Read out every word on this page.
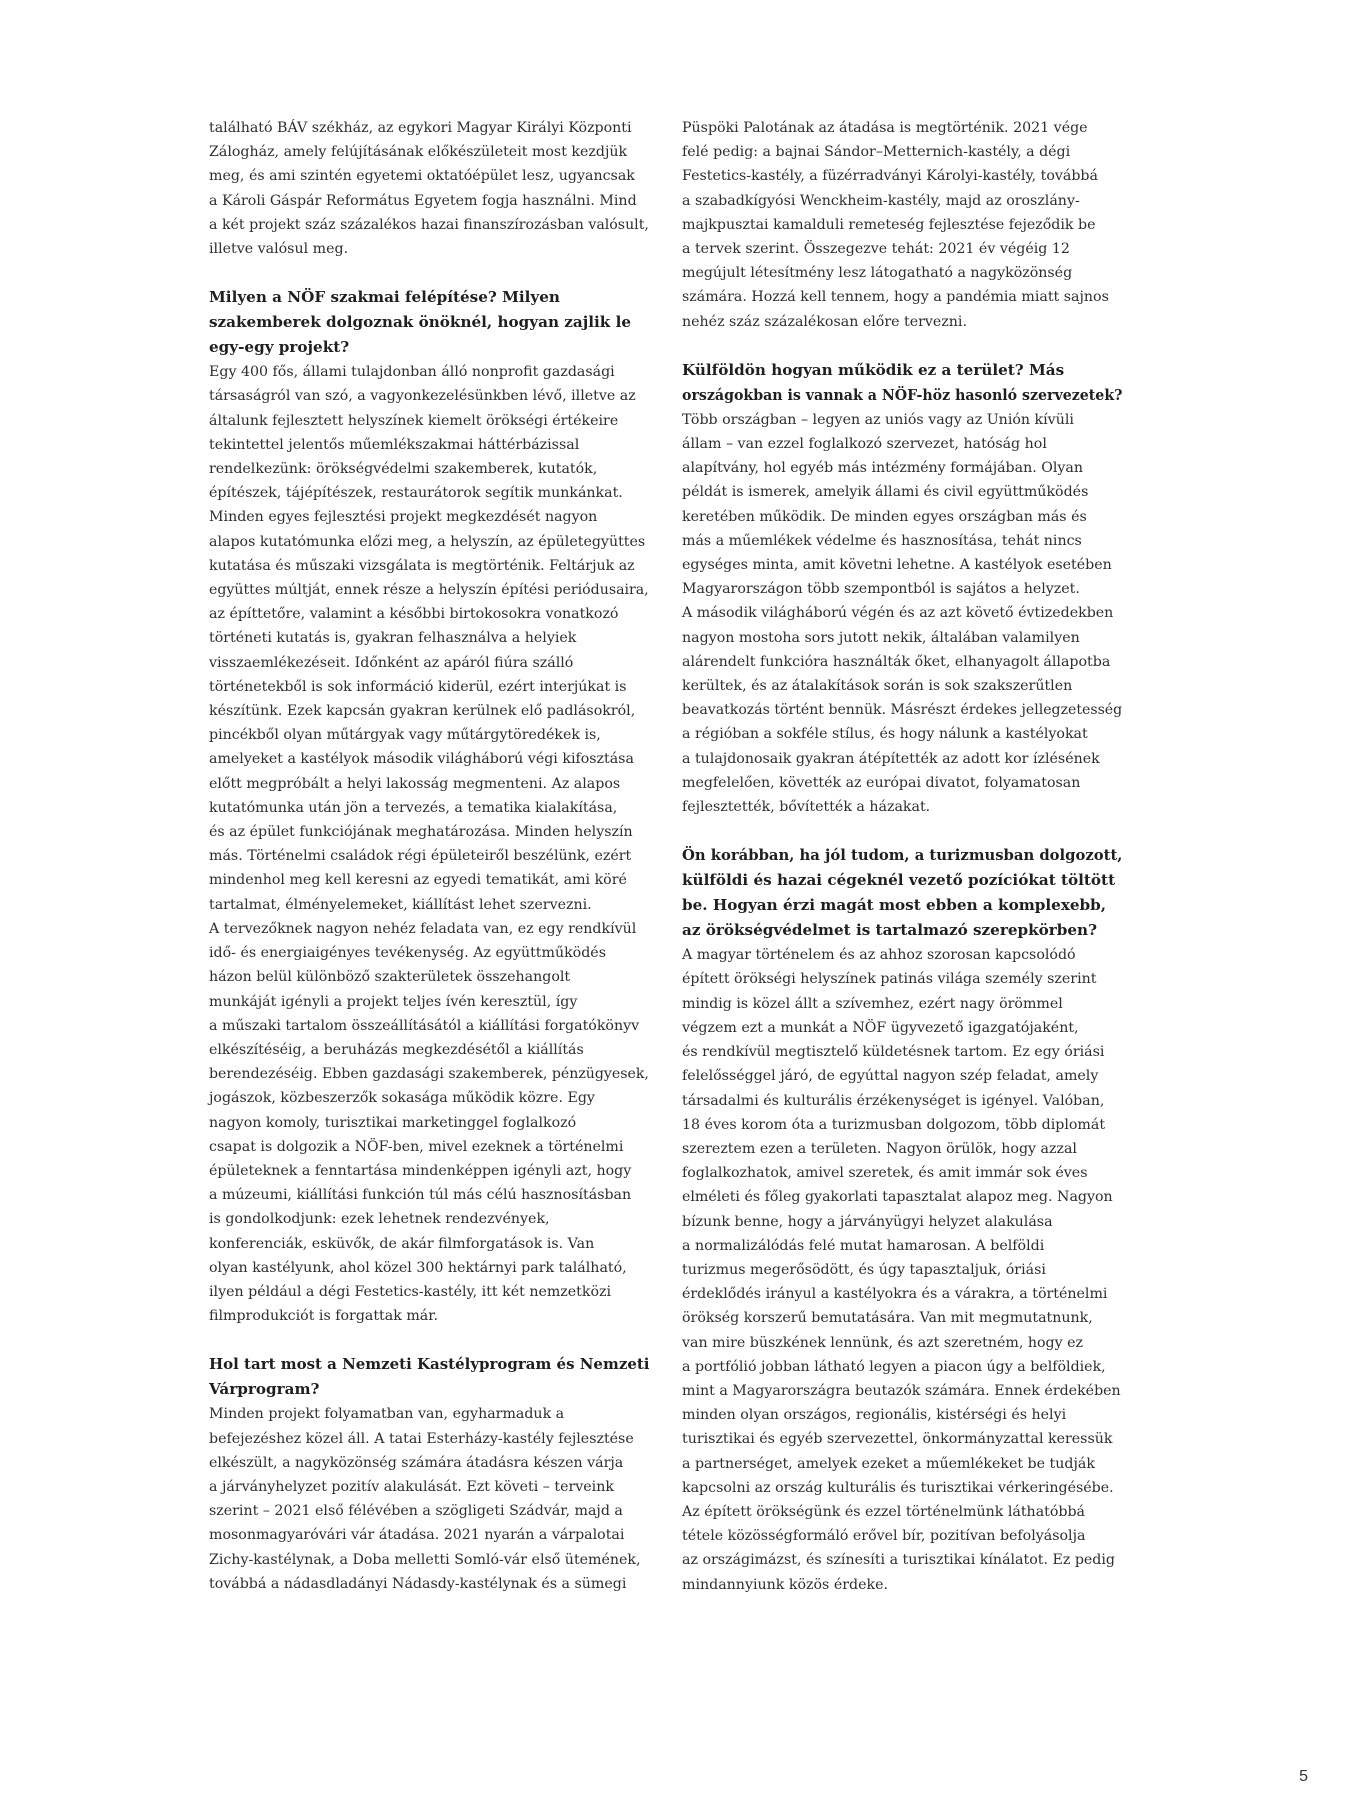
található BÁV székház, az egykori Magyar Királyi Központi
Zálogház, amely felújításának előkészületeit most kezdjük
meg, és ami szintén egyetemi oktatóépület lesz, ugyancsak
a Károli Gáspár Református Egyetem fogja használni. Mind
a két projekt száz százalékos hazai finanszírozásban valósult,
illetve valósul meg.
Milyen a NÖF szakmai felépítése? Milyen
szakemberek dolgoznak önöknél, hogyan zajlik le
egy-egy projekt?
Egy 400 fős, állami tulajdonban álló nonprofit gazdasági
társaságról van szó, a vagyonkezelésünkben lévő, illetve az
általunk fejlesztett helyszínek kiemelt örökségi értékeire
tekintettel jelentős műemlékszakmai háttérbázissal
rendelkezünk: örökségvédelmi szakemberek, kutatók,
építészek, tájépítészek, restaurátorok segítik munkánkat.
Minden egyes fejlesztési projekt megkezdését nagyon
alapos kutatómunka előzi meg, a helyszín, az épületegyüttes
kutatása és műszaki vizsgálata is megtörténik. Feltárjuk az
együttes múltját, ennek része a helyszín építési periódusaira,
az építtetőre, valamint a későbbi birtokosokra vonatkozó
történeti kutatás is, gyakran felhasználva a helyiek
visszaemlékezéseit. Időnként az apáról fiúra szálló
történetekből is sok információ kiderül, ezért interjúkat is
készítünk. Ezek kapcsán gyakran kerülnek elő padlásokról,
pincékből olyan műtárgyak vagy műtárgytöredékek is,
amelyeket a kastélyok második világháború végi kifosztása
előtt megpróbált a helyi lakosság megmenteni. Az alapos
kutatómunka után jön a tervezés, a tematika kialakítása,
és az épület funkciójának meghatározása. Minden helyszín
más. Történelmi családok régi épületeiről beszélünk, ezért
mindenhol meg kell keresni az egyedi tematikát, ami köré
tartalmat, élményelemeket, kiállítást lehet szervezni.
A tervezőknek nagyon nehéz feladata van, ez egy rendkívül
idő- és energiaigényes tevékenység. Az együttműködés
házon belül különböző szakterületek összehangolt
munkáját igényli a projekt teljes ívén keresztül, így
a műszaki tartalom összeállításától a kiállítási forgatókönyv
elkészítéséig, a beruházás megkezdésétől a kiállítás
berendezéséig. Ebben gazdasági szakemberek, pénzügyesek,
jogászok, közbeszerzők sokasága működik közre. Egy
nagyon komoly, turisztikai marketinggel foglalkozó
csapat is dolgozik a NÖF-ben, mivel ezeknek a történelmi
épületeknek a fenntartása mindenképpen igényli azt, hogy
a múzeumi, kiállítási funkción túl más célú hasznosításban
is gondolkodjunk: ezek lehetnek rendezvények,
konferenciák, esküvők, de akár filmforgatások is. Van
olyan kastélyunk, ahol közel 300 hektárnyi park található,
ilyen például a dégi Festetics-kastély, itt két nemzetközi
filmprodukciót is forgattak már.
Hol tart most a Nemzeti Kastélyprogram és Nemzeti
Várprogram?
Minden projekt folyamatban van, egyharmaduk a
befejezéshez közel áll. A tatai Esterházy-kastély fejlesztése
elkészült, a nagyközönség számára átadásra készen várja
a járványhelyzet pozitív alakulását. Ezt követi – terveink
szerint – 2021 első félévében a szögligeti Szádvár, majd a
mosonmagyaróvári vár átadása. 2021 nyarán a várpalotai
Zichy-kastélynak, a Doba melletti Somló-vár első ütemének,
továbbá a nádasdladányi Nádasdy-kastélynak és a sümegi
Püspöki Palotának az átadása is megtörténik. 2021 vége
felé pedig: a bajnai Sándor–Metternich-kastély, a dégi
Festetics-kastély, a füzérradványi Károlyi-kastély, továbbá
a szabadkígyósi Wenckheim-kastély, majd az oroszlány-
majkpusztai kamalduli remeteség fejlesztése fejeződik be
a tervek szerint. Összegezve tehát: 2021 év végéig 12
megújult létesítmény lesz látogatható a nagyközönség
számára. Hozzá kell tennem, hogy a pandémia miatt sajnos
nehéz száz százalékosan előre tervezni.
Külföldön hogyan működik ez a terület? Más
országokban is vannak a NÖF-höz hasonló szervezetek?
Több országban – legyen az uniós vagy az Unión kívüli
állam – van ezzel foglalkozó szervezet, hatóság hol
alapítvány, hol egyéb más intézmény formájában. Olyan
példát is ismerek, amelyik állami és civil együttműködés
keretében működik. De minden egyes országban más és
más a műemlékek védelme és hasznosítása, tehát nincs
egységes minta, amit követni lehetne. A kastélyok esetében
Magyarországon több szempontból is sajátos a helyzet.
A második világháború végén és az azt követő évtizedekben
nagyon mostoha sors jutott nekik, általában valamilyen
alárendelt funkcióra használták őket, elhanyagolt állapotba
kerültek, és az átalakítások során is sok szakszerűtlen
beavatkozás történt bennük. Másrészt érdekes jellegzetesség
a régióban a sokféle stílus, és hogy nálunk a kastélyokat
a tulajdonosaik gyakran átépítették az adott kor ízlésének
megfelelően, követték az európai divatot, folyamatosan
fejlesztették, bővítették a házakat.
Ön korábban, ha jól tudom, a turizmusban dolgozott,
külföldi és hazai cégeknél vezető pozíciókat töltött
be. Hogyan érzi magát most ebben a komplexebb,
az örökségvédelmet is tartalmazó szerepkörben?
A magyar történelem és az ahhoz szorosan kapcsolódó
épített örökségi helyszínek patinás világa személy szerint
mindig is közel állt a szívemhez, ezért nagy örömmel
végzem ezt a munkát a NÖF ügyvezető igazgatójaként,
és rendkívül megtisztelő küldetésnek tartom. Ez egy óriási
felelősséggel járó, de egyúttal nagyon szép feladat, amely
társadalmi és kulturális érzékenységet is igényel. Valóban,
18 éves korom óta a turizmusban dolgozom, több diplomát
szereztem ezen a területen. Nagyon örülök, hogy azzal
foglalkozhatok, amivel szeretek, és amit immár sok éves
elméleti és főleg gyakorlati tapasztalat alapoz meg. Nagyon
bízunk benne, hogy a járványügyi helyzet alakulása
a normalizálódás felé mutat hamarosan. A belföldi
turizmus megerősödött, és úgy tapasztaljuk, óriási
érdeklődés irányul a kastélyokra és a várakra, a történelmi
örökség korszerű bemutatására. Van mit megmutatnunk,
van mire büszkének lennünk, és azt szeretném, hogy ez
a portfólió jobban látható legyen a piacon úgy a belföldiek,
mint a Magyarországra beutazók számára. Ennek érdekében
minden olyan országos, regionális, kistérségi és helyi
turisztikai és egyéb szervezettel, önkormányzattal keressük
a partnerséget, amelyek ezeket a műemlékeket be tudják
kapcsolni az ország kulturális és turisztikai vérkeringésébe.
Az épített örökségünk és ezzel történelmünk láthatóbbá
tétele közösségformáló erővel bír, pozitívan befolyásolja
az országimázst, és színesíti a turisztikai kínálatot. Ez pedig
mindannyiunk közös érdeke.
5
